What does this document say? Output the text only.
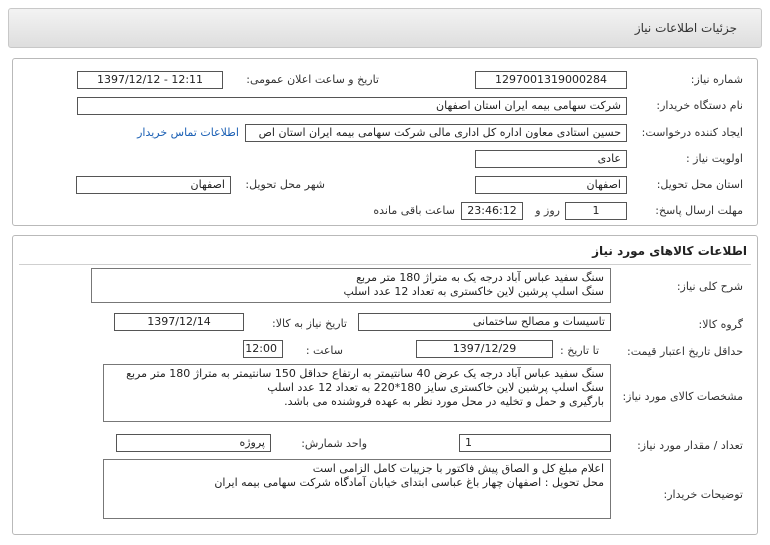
جزئیات اطلاعات نیاز
شماره نیاز:
1297001319000284
تاریخ و ساعت اعلان عمومی:
1397/12/12 - 12:11
نام دستگاه خریدار:
شرکت سهامی بیمه ایران استان اصفهان
ایجاد کننده درخواست:
حسین استادی معاون اداره کل اداری مالی شرکت سهامی بیمه ایران استان اص
اطلاعات تماس خریدار
اولویت نیاز :
عادی
استان محل تحویل:
اصفهان
شهر محل تحویل:
اصفهان
مهلت ارسال پاسخ:
1
روز و
23:46:12
ساعت باقی مانده
اطلاعات کالاهای مورد نیاز
شرح کلی نیاز:
سنگ سفید عباس آباد درجه یک به متراژ 180 متر مربع
سنگ اسلپ پرشین لاین خاکستری به تعداد 12 عدد اسلپ
گروه کالا:
تاسیسات و مصالح ساختمانی
تاریخ نیاز به کالا:
1397/12/14
حداقل تاریخ اعتبار قیمت:
تا تاریخ :
1397/12/29
ساعت :
12:00
مشخصات کالای مورد نیاز:
سنگ سفید عباس آباد درجه یک عرض 40 سانتیمتر به ارتفاع حداقل 150 سانتیمتر به متراژ 180 متر مربع
سنگ اسلپ پرشین لاین خاکستری سایز 180*220 به تعداد 12 عدد اسلپ
بارگیری و حمل و تخلیه در محل مورد نظر به عهده فروشنده می باشد.
تعداد / مقدار مورد نیاز:
1
واحد شمارش:
پروژه
توضیحات خریدار:
اعلام مبلغ کل و الصاق پیش فاکتور با جزییات کامل الزامی است
محل تحویل : اصفهان چهار باغ عباسی ابتدای خیابان آمادگاه شرکت سهامی بیمه ایران
